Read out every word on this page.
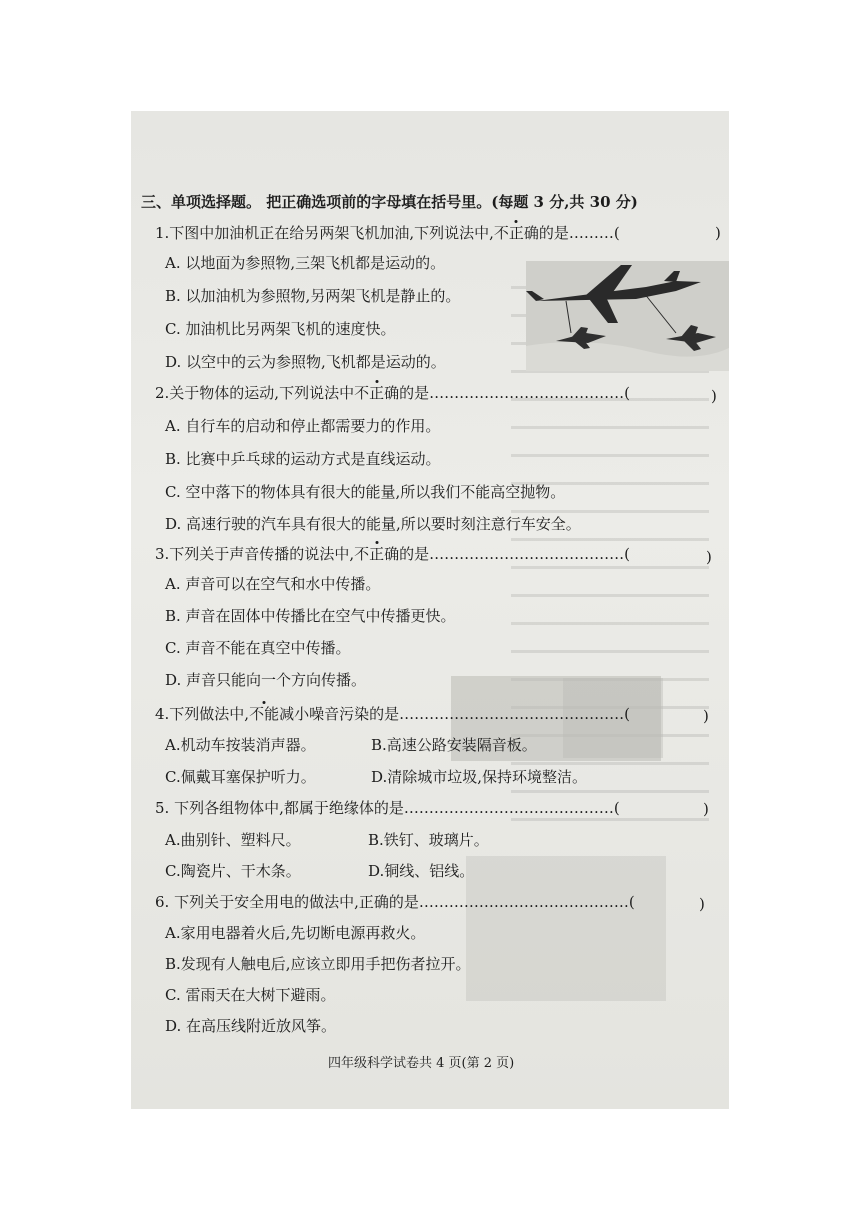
三、单项选择题。 把正确选项前的字母填在括号里。(每题 3 分,共 30 分)
1.下图中加油机正在给另两架飞机加油,下列说法中,不正确的是………(	)
A. 以地面为参照物,三架飞机都是运动的。
B. 以加油机为参照物,另两架飞机是静止的。
C. 加油机比另两架飞机的速度快。
D. 以空中的云为参照物,飞机都是运动的。
2.关于物体的运动,下列说法中不正确的是…………………………………(	)
A. 自行车的启动和停止都需要力的作用。
B. 比赛中乒乓球的运动方式是直线运动。
C. 空中落下的物体具有很大的能量,所以我们不能高空抛物。
D. 高速行驶的汽车具有很大的能量,所以要时刻注意行车安全。
3.下列关于声音传播的说法中,不正确的是…………………………………(	)
A. 声音可以在空气和水中传播。
B. 声音在固体中传播比在空气中传播更快。
C. 声音不能在真空中传播。
D. 声音只能向一个方向传播。
4.下列做法中,不能减小噪音污染的是………………………………………(	)
A.机动车按装消声器。	B.高速公路安装隔音板。
C.佩戴耳塞保护听力。	D.清除城市垃圾,保持环境整洁。
5. 下列各组物体中,都属于绝缘体的是……………………………………(	)
A.曲别针、塑料尺。	B.铁钉、玻璃片。
C.陶瓷片、干木条。	D.铜线、铝线。
6. 下列关于安全用电的做法中,正确的是……………………………………(	)
A.家用电器着火后,先切断电源再救火。
B.发现有人触电后,应该立即用手把伤者拉开。
C. 雷雨天在大树下避雨。
D. 在高压线附近放风筝。
四年级科学试卷共 4 页(第 2 页)
